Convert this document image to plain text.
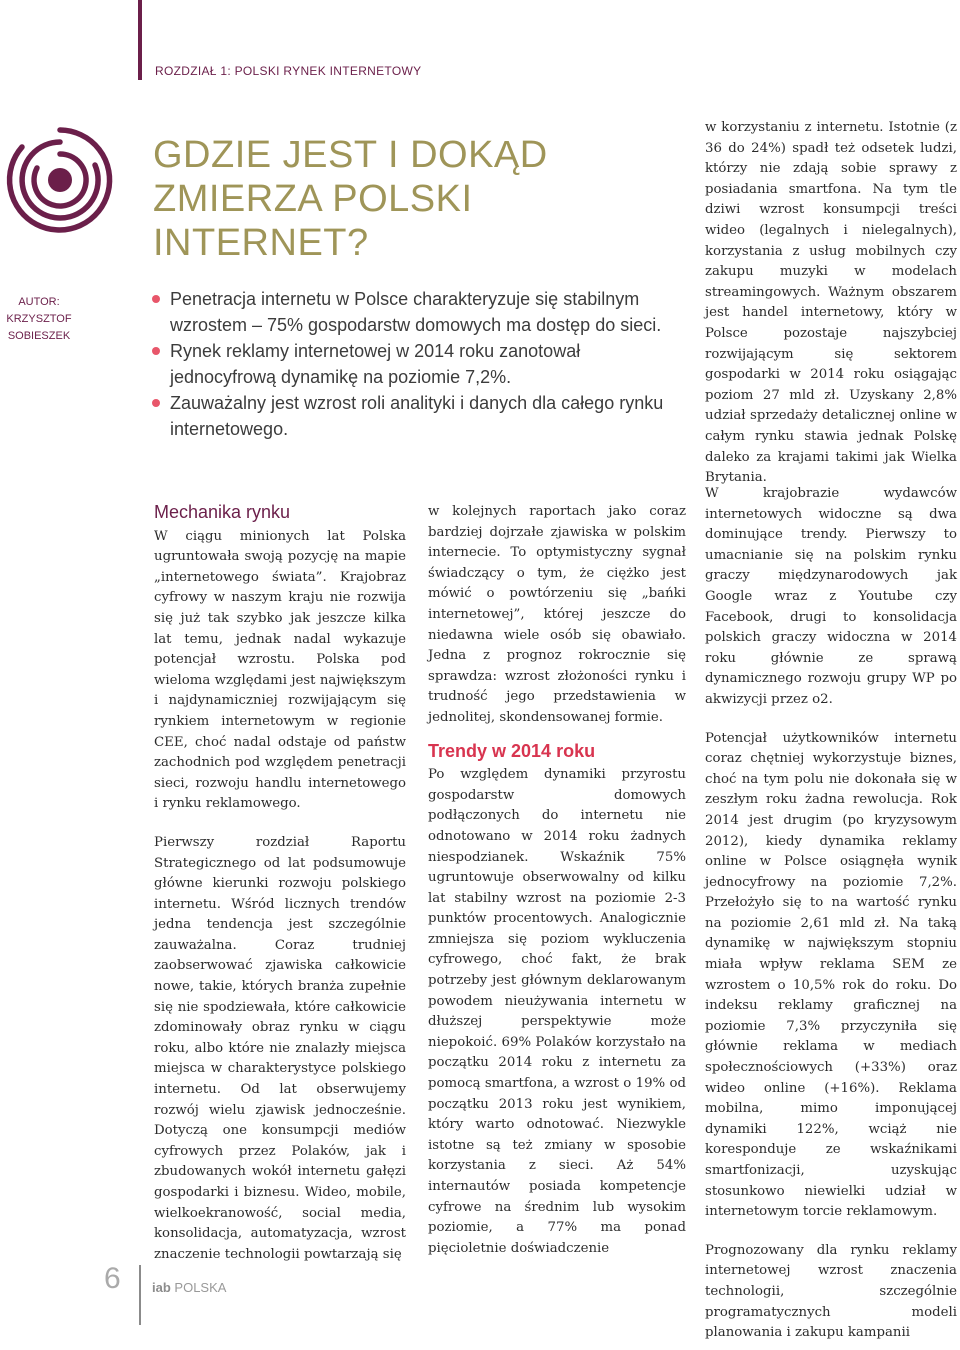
ROZDZIAŁ 1: POLSKI RYNEK INTERNETOWY
GDZIE JEST I DOKĄD
ZMIERZA POLSKI INTERNET?
AUTOR:
KRZYSZTOF
SOBIESZEK
Penetracja internetu w Polsce charakteryzuje się stabilnym wzrostem – 75% gospodarstw domowych ma dostęp do sieci.
Rynek reklamy internetowej w 2014 roku zanotował jednocyfrową dynamikę na poziomie 7,2%.
Zauważalny jest wzrost roli analityki i danych dla całego rynku internetowego.

w korzystaniu z internetu. Istotnie (z 36 do 24%) spadł też odsetek ludzi, którzy nie zdają sobie sprawy z posiadania smartfona. Na tym tle dziwi wzrost konsumpcji treści wideo (legalnych i nielegalnych), korzystania z usług mobilnych czy zakupu muzyki w modelach streamingowych. Ważnym obszarem jest handel internetowy, który w Polsce pozostaje najszybciej rozwijającym się sektorem gospodarki w 2014 roku osiągając poziom 27 mld zł. Uzyskany 2,8% udział sprzedaży detalicznej online w całym rynku stawia jednak Polskę daleko za krajami takimi jak Wielka Brytania.

Mechanika rynku

W ciągu minionych lat Polska ugruntowała swoją pozycję na mapie „internetowego świata”. Krajobraz cyfrowy w naszym kraju nie rozwija się już tak szybko jak jeszcze kilka lat temu, jednak nadal wykazuje potencjał wzrostu. Polska pod wieloma względami jest największym i najdynamiczniej rozwijającym się rynkiem internetowym w regionie CEE, choć nadal odstaje od państw zachodnich pod względem penetracji sieci, rozwoju handlu internetowego i rynku reklamowego.

Pierwszy rozdział Raportu Strategicznego od lat podsumowuje główne kierunki rozwoju polskiego internetu. Wśród licznych trendów jedna tendencja jest szczególnie zauważalna. Coraz trudniej zaobserwować zjawiska całkowicie nowe, takie, których branża zupełnie się nie spodziewała, które całkowicie zdominowały obraz rynku w ciągu roku, albo które nie znalazły miejsca miejsca w charakterystyce polskiego internetu. Od lat obserwujemy rozwój wielu zjawisk jednocześnie. Dotyczą one konsumpcji mediów cyfrowych przez Polaków, jak i zbudowanych wokół internetu gałęzi gospodarki i biznesu. Wideo, mobile, wielkoekranowość, social media, konsolidacja, automatyzacja, wzrost znaczenie technologii powtarzają się

w kolejnych raportach jako coraz bardziej dojrzałe zjawiska w polskim internecie. To optymistyczny sygnał świadczący o tym, że ciężko jest mówić o powtórzeniu się „bańki internetowej”, której jeszcze do niedawna wiele osób się obawiało. Jedna z prognoz rokrocznie się sprawdza: wzrost złożoności rynku i trudność jego przedstawienia w jednolitej, skondensowanej formie.

Trendy w 2014 roku

Po względem dynamiki przyrostu gospodarstw domowych podłączonych do internetu nie odnotowano w 2014 roku żadnych niespodzianek. Wskaźnik 75% ugruntowuje obserwowalny od kilku lat stabilny wzrost na poziomie 2-3 punktów procentowych. Analogicznie zmniejsza się poziom wykluczenia cyfrowego, choć fakt, że brak potrzeby jest głównym deklarowanym powodem nieużywania internetu w dłuższej perspektywie może niepokoić. 69% Polaków korzystało na początku 2014 roku z internetu za pomocą smartfona, a wzrost o 19% od początku 2013 roku jest wynikiem, który warto odnotować. Niezwykle istotne są też zmiany w sposobie korzystania z sieci. Aż 54% internautów posiada kompetencje cyfrowe na średnim lub wysokim poziomie, a 77% ma ponad pięcioletnie doświadczenie

W krajobrazie wydawców internetowych widoczne są dwa dominujące trendy. Pierwszy to umacnianie się na polskim rynku graczy międzynarodowych jak Google wraz z Youtube czy Facebook, drugi to konsolidacja polskich graczy widoczna w 2014 roku głównie ze sprawą dynamicznego rozwoju grupy WP po akwizycji przez o2.

Potencjał użytkowników internetu coraz chętniej wykorzystuje biznes, choć na tym polu nie dokonała się w zeszłym roku żadna rewolucja. Rok 2014 jest drugim (po kryzysowym 2012), kiedy dynamika reklamy online w Polsce osiągnęła wynik jednocyfrowy na poziomie 7,2%. Przełożyło się to na wartość rynku na poziomie 2,61 mld zł. Na taką dynamikę w największym stopniu miała wpływ reklama SEM ze wzrostem o 10,5% rok do roku. Do indeksu reklamy graficznej na poziomie 7,3% przyczyniła się głównie reklama w mediach społecznościowych (+33%) oraz wideo online (+16%). Reklama mobilna, mimo imponującej dynamiki 122%, wciąż nie koresponduje ze wskaźnikami smartfonizacji, uzyskując stosunkowo niewielki udział w internetowym torcie reklamowym.

Prognozowany dla rynku reklamy internetowej wzrost znaczenia technologii, szczególnie programatycznych modeli planowania i zakupu kampanii

6 iab POLSKA
